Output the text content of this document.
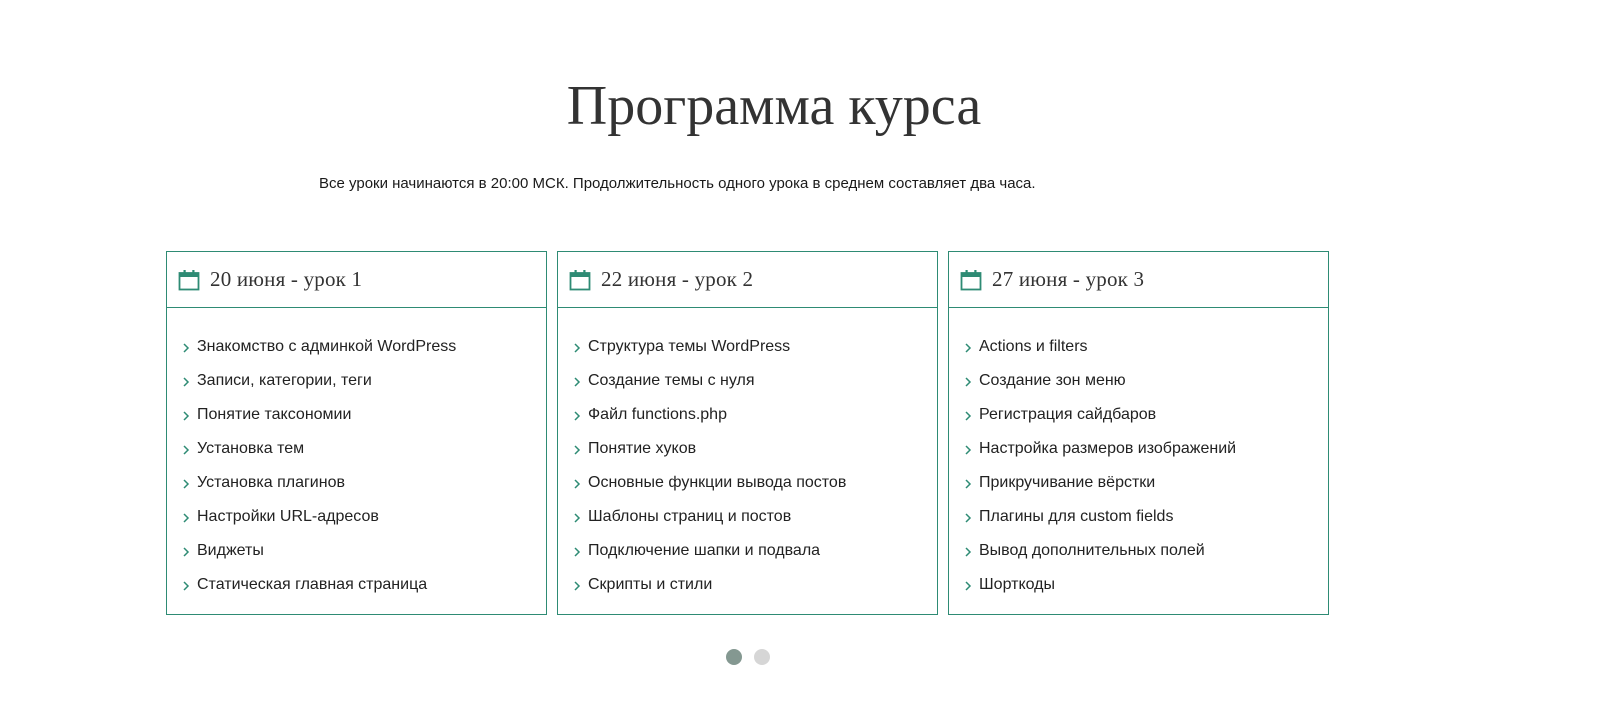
Программа курса

Все уроки начинаются в 20:00 МСК. Продолжительность одного урока в среднем составляет два часа.

20 июня - урок 1
Знакомство с админкой WordPress
Записи, категории, теги
Понятие таксономии
Установка тем
Установка плагинов
Настройки URL-адресов
Виджеты
Статическая главная страница
22 июня - урок 2
Структура темы WordPress
Создание темы с нуля
Файл functions.php
Понятие хуков
Основные функции вывода постов
Шаблоны страниц и постов
Подключение шапки и подвала
Скрипты и стили
27 июня - урок 3
Actions и filters
Создание зон меню
Регистрация сайдбаров
Настройка размеров изображений
Прикручивание вёрстки
Плагины для custom fields
Вывод дополнительных полей
Шорткоды
